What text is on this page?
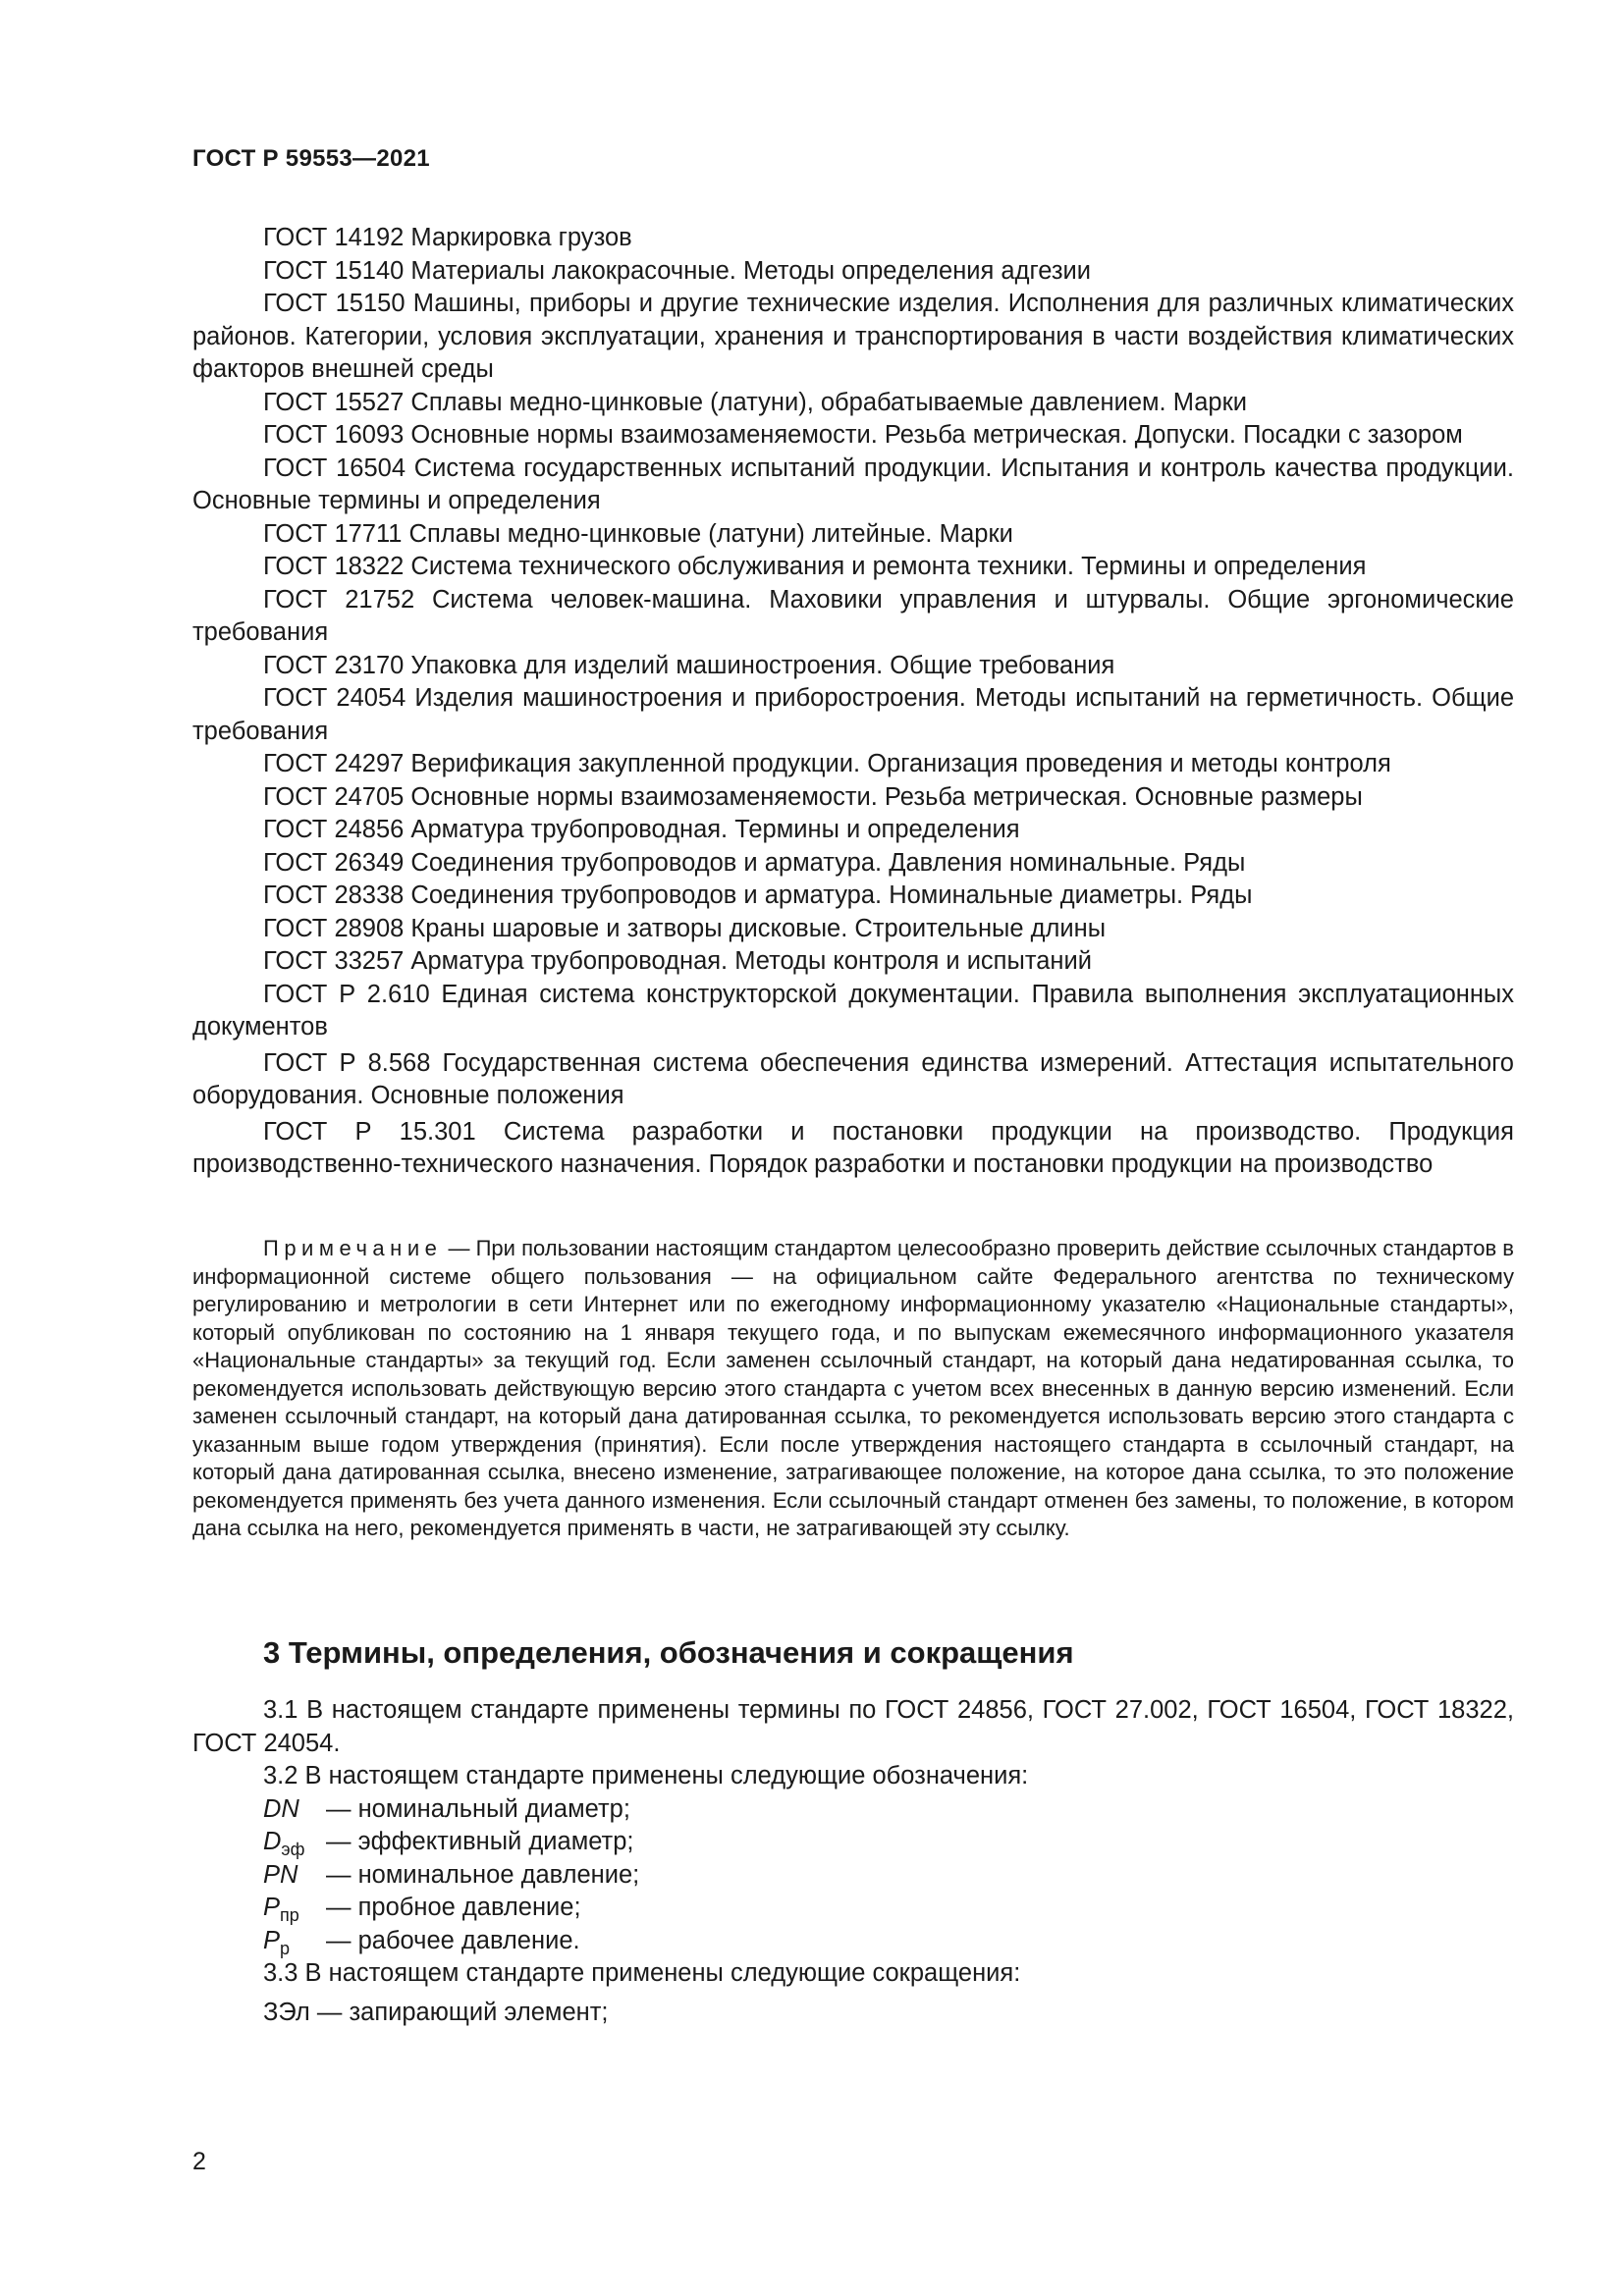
ГОСТ Р 59553—2021

ГОСТ 14192 Маркировка грузов

ГОСТ 15140 Материалы лакокрасочные. Методы определения адгезии

ГОСТ 15150 Машины, приборы и другие технические изделия. Исполнения для различных климатических районов. Категории, условия эксплуатации, хранения и транспортирования в части воздействия климатических факторов внешней среды

ГОСТ 15527 Сплавы медно-цинковые (латуни), обрабатываемые давлением. Марки

ГОСТ 16093 Основные нормы взаимозаменяемости. Резьба метрическая. Допуски. Посадки с зазором

ГОСТ 16504 Система государственных испытаний продукции. Испытания и контроль качества продукции. Основные термины и определения

ГОСТ 17711 Сплавы медно-цинковые (латуни) литейные. Марки

ГОСТ 18322 Система технического обслуживания и ремонта техники. Термины и определения

ГОСТ 21752 Система человек-машина. Маховики управления и штурвалы. Общие эргономические требования

ГОСТ 23170 Упаковка для изделий машиностроения. Общие требования

ГОСТ 24054 Изделия машиностроения и приборостроения. Методы испытаний на герметичность. Общие требования

ГОСТ 24297 Верификация закупленной продукции. Организация проведения и методы контроля

ГОСТ 24705 Основные нормы взаимозаменяемости. Резьба метрическая. Основные размеры

ГОСТ 24856 Арматура трубопроводная. Термины и определения

ГОСТ 26349 Соединения трубопроводов и арматура. Давления номинальные. Ряды

ГОСТ 28338 Соединения трубопроводов и арматура. Номинальные диаметры. Ряды

ГОСТ 28908 Краны шаровые и затворы дисковые. Строительные длины

ГОСТ 33257 Арматура трубопроводная. Методы контроля и испытаний

ГОСТ Р 2.610 Единая система конструкторской документации. Правила выполнения эксплуатационных документов

ГОСТ Р 8.568 Государственная система обеспечения единства измерений. Аттестация испытательного оборудования. Основные положения

ГОСТ Р 15.301 Система разработки и постановки продукции на производство. Продукция производственно-технического назначения. Порядок разработки и постановки продукции на производство

Примечание — При пользовании настоящим стандартом целесообразно проверить действие ссылочных стандартов в информационной системе общего пользования — на официальном сайте Федерального агентства по техническому регулированию и метрологии в сети Интернет или по ежегодному информационному указателю «Национальные стандарты», который опубликован по состоянию на 1 января текущего года, и по выпускам ежемесячного информационного указателя «Национальные стандарты» за текущий год. Если заменен ссылочный стандарт, на который дана недатированная ссылка, то рекомендуется использовать действующую версию этого стандарта с учетом всех внесенных в данную версию изменений. Если заменен ссылочный стандарт, на который дана датированная ссылка, то рекомендуется использовать версию этого стандарта с указанным выше годом утверждения (принятия). Если после утверждения настоящего стандарта в ссылочный стандарт, на который дана датированная ссылка, внесено изменение, затрагивающее положение, на которое дана ссылка, то это положение рекомендуется применять без учета данного изменения. Если ссылочный стандарт отменен без замены, то положение, в котором дана ссылка на него, рекомендуется применять в части, не затрагивающей эту ссылку.

3 Термины, определения, обозначения и сокращения

3.1 В настоящем стандарте применены термины по ГОСТ 24856, ГОСТ 27.002, ГОСТ 16504, ГОСТ 18322, ГОСТ 24054.

3.2 В настоящем стандарте применены следующие обозначения:

DN	— номинальный диаметр;
$D_{эф}$ — эффективный диаметр;
PN	— номинальное давление;
$P_{пр}$	— пробное давление;
$P_р$	— рабочее давление.

3.3 В настоящем стандарте применены следующие сокращения:

ЗЭл — запирающий элемент;
2
